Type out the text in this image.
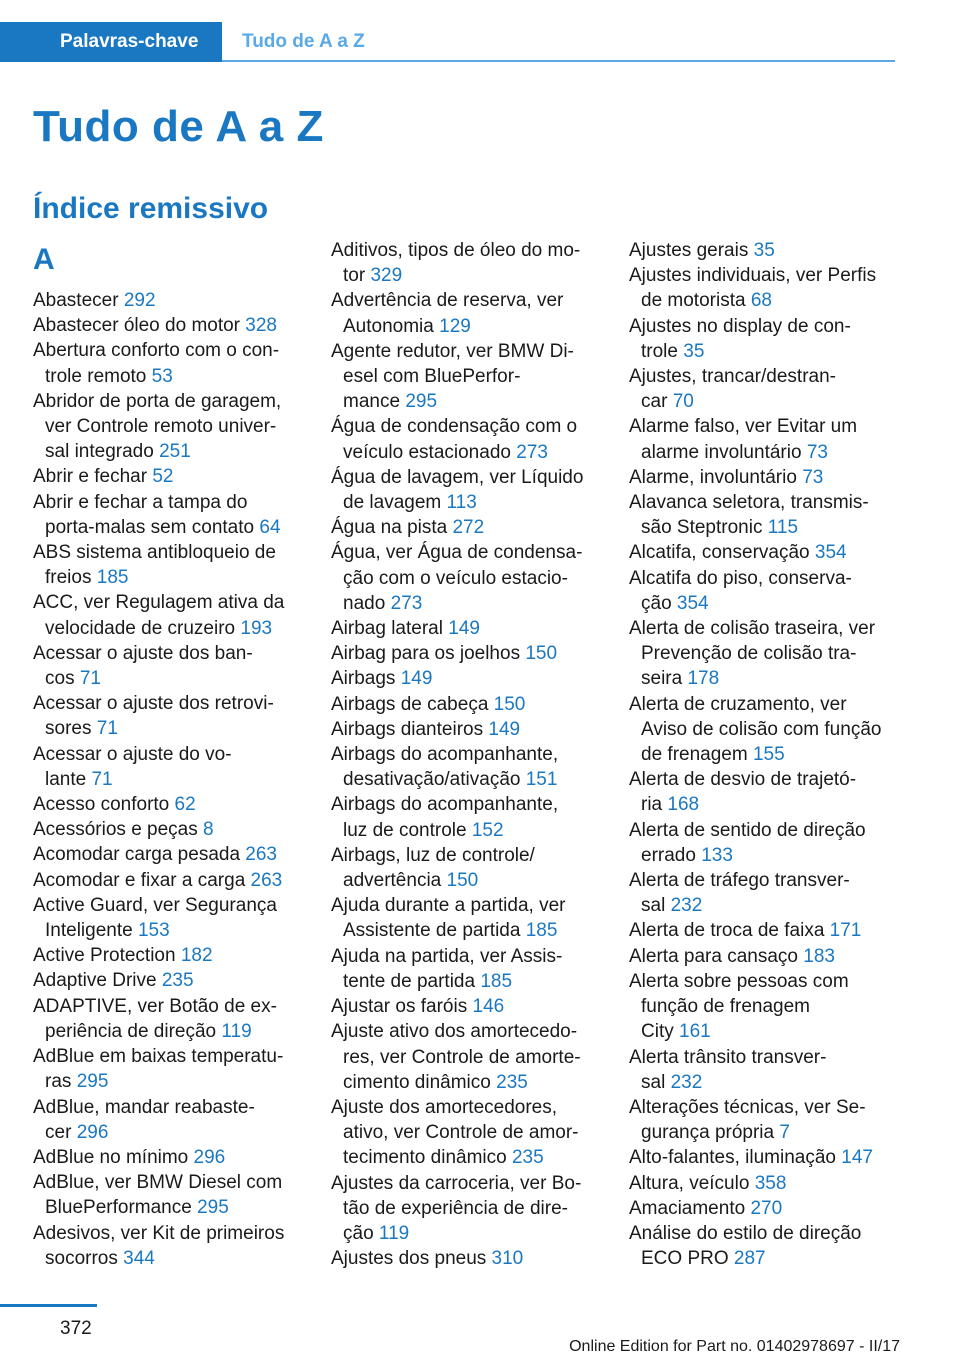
Palavras-chave	Tudo de A a Z
Tudo de A a Z
Índice remissivo
A
Abastecer 292
Abastecer óleo do motor 328
Abertura conforto com o con-
trole remoto 53
Abridor de porta de garagem,
ver Controle remoto univer-
sal integrado 251
Abrir e fechar 52
Abrir e fechar a tampa do
porta-malas sem contato 64
ABS sistema antibloqueio de
freios 185
ACC, ver Regulagem ativa da
velocidade de cruzeiro 193
Acessar o ajuste dos ban-
cos 71
Acessar o ajuste dos retrovi-
sores 71
Acessar o ajuste do vo-
lante 71
Acesso conforto 62
Acessórios e peças 8
Acomodar carga pesada 263
Acomodar e fixar a carga 263
Active Guard, ver Segurança
Inteligente 153
Active Protection 182
Adaptive Drive 235
ADAPTIVE, ver Botão de ex-
periência de direção 119
AdBlue em baixas temperatu-
ras 295
AdBlue, mandar reabaste-
cer 296
AdBlue no mínimo 296
AdBlue, ver BMW Diesel com
BluePerformance 295
Adesivos, ver Kit de primeiros
socorros 344
Aditivos, tipos de óleo do mo-
tor 329
Advertência de reserva, ver
Autonomia 129
Agente redutor, ver BMW Di-
esel com BluePerfor-
mance 295
Água de condensação com o
veículo estacionado 273
Água de lavagem, ver Líquido
de lavagem 113
Água na pista 272
Água, ver Água de condensa-
ção com o veículo estacio-
nado 273
Airbag lateral 149
Airbag para os joelhos 150
Airbags 149
Airbags de cabeça 150
Airbags dianteiros 149
Airbags do acompanhante,
desativação/ativação 151
Airbags do acompanhante,
luz de controle 152
Airbags, luz de controle/
advertência 150
Ajuda durante a partida, ver
Assistente de partida 185
Ajuda na partida, ver Assis-
tente de partida 185
Ajustar os faróis 146
Ajuste ativo dos amortecedo-
res, ver Controle de amorte-
cimento dinâmico 235
Ajuste dos amortecedores,
ativo, ver Controle de amor-
tecimento dinâmico 235
Ajustes da carroceria, ver Bo-
tão de experiência de dire-
ção 119
Ajustes dos pneus 310
Ajustes gerais 35
Ajustes individuais, ver Perfis
de motorista 68
Ajustes no display de con-
trole 35
Ajustes, trancar/destran-
car 70
Alarme falso, ver Evitar um
alarme involuntário 73
Alarme, involuntário 73
Alavanca seletora, transmis-
são Steptronic 115
Alcatifa, conservação 354
Alcatifa do piso, conserva-
ção 354
Alerta de colisão traseira, ver
Prevenção de colisão tra-
seira 178
Alerta de cruzamento, ver
Aviso de colisão com função
de frenagem 155
Alerta de desvio de trajetó-
ria 168
Alerta de sentido de direção
errado 133
Alerta de tráfego transver-
sal 232
Alerta de troca de faixa 171
Alerta para cansaço 183
Alerta sobre pessoas com
função de frenagem
City 161
Alerta trânsito transver-
sal 232
Alterações técnicas, ver Se-
gurança própria 7
Alto-falantes, iluminação 147
Altura, veículo 358
Amaciamento 270
Análise do estilo de direção
ECO PRO 287
372
Online Edition for Part no. 01402978697 - II/17
